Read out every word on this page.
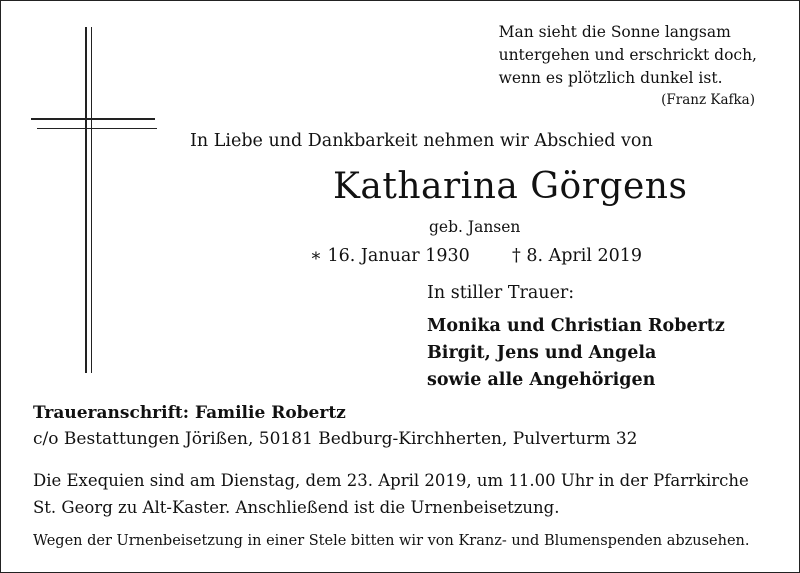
Man sieht die Sonne langsam
untergehen und erschrickt doch,
wenn es plötzlich dunkel ist.
(Franz Kafka)
In Liebe und Dankbarkeit nehmen wir Abschied von
Katharina Görgens
geb. Jansen
∗ 16. Januar 1930 † 8. April 2019
In stiller Trauer:
Monika und Christian Robertz
Birgit, Jens und Angela
sowie alle Angehörigen
Traueranschrift: Familie Robertz
c/o Bestattungen Jörißen, 50181 Bedburg-Kirchherten, Pulverturm 32
Die Exequien sind am Dienstag, dem 23. April 2019, um 11.00 Uhr in der Pfarrkirche
St. Georg zu Alt-Kaster. Anschließend ist die Urnenbeisetzung.
Wegen der Urnenbeisetzung in einer Stele bitten wir von Kranz- und Blumenspenden abzusehen.
